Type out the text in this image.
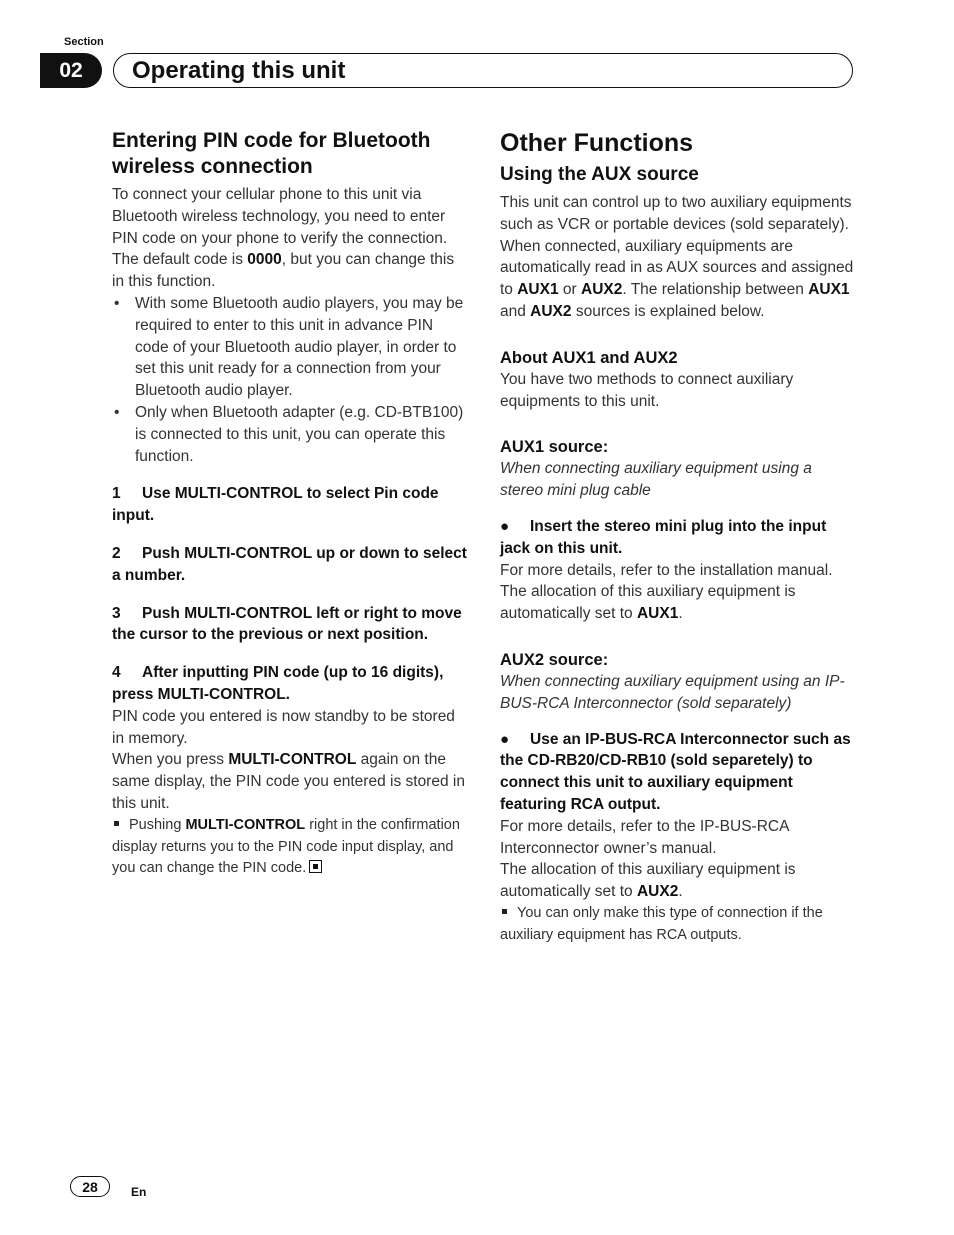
Section
02	Operating this unit
Entering PIN code for Bluetooth wireless connection

To connect your cellular phone to this unit via Bluetooth wireless technology, you need to enter PIN code on your phone to verify the connection. The default code is 0000, but you can change this in this function.

• With some Bluetooth audio players, you may be required to enter to this unit in advance PIN code of your Bluetooth audio player, in order to set this unit ready for a connection from your Bluetooth audio player.

• Only when Bluetooth adapter (e.g. CD-BTB100) is connected to this unit, you can operate this function.

1 Use MULTI-CONTROL to select Pin code input.

2 Push MULTI-CONTROL up or down to select a number.

3 Push MULTI-CONTROL left or right to move the cursor to the previous or next position.

4 After inputting PIN code (up to 16 digits), press MULTI-CONTROL.

PIN code you entered is now standby to be stored in memory.

When you press MULTI-CONTROL again on the same display, the PIN code you entered is stored in this unit.

Pushing MULTI-CONTROL right in the confirmation display returns you to the PIN code input display, and you can change the PIN code.

Other Functions
Using the AUX source

This unit can control up to two auxiliary equipments such as VCR or portable devices (sold separately). When connected, auxiliary equipments are automatically read in as AUX sources and assigned to AUX1 or AUX2. The relationship between AUX1 and AUX2 sources is explained below.

About AUX1 and AUX2

You have two methods to connect auxiliary equipments to this unit.

AUX1 source:

When connecting auxiliary equipment using a stereo mini plug cable

● Insert the stereo mini plug into the input jack on this unit.

For more details, refer to the installation manual.

The allocation of this auxiliary equipment is automatically set to AUX1.

AUX2 source:

When connecting auxiliary equipment using an IP-BUS-RCA Interconnector (sold separately)

● Use an IP-BUS-RCA Interconnector such as the CD-RB20/CD-RB10 (sold separetely) to connect this unit to auxiliary equipment featuring RCA output.

For more details, refer to the IP-BUS-RCA Interconnector owner’s manual.

The allocation of this auxiliary equipment is automatically set to AUX2.

You can only make this type of connection if the auxiliary equipment has RCA outputs.

28	En
